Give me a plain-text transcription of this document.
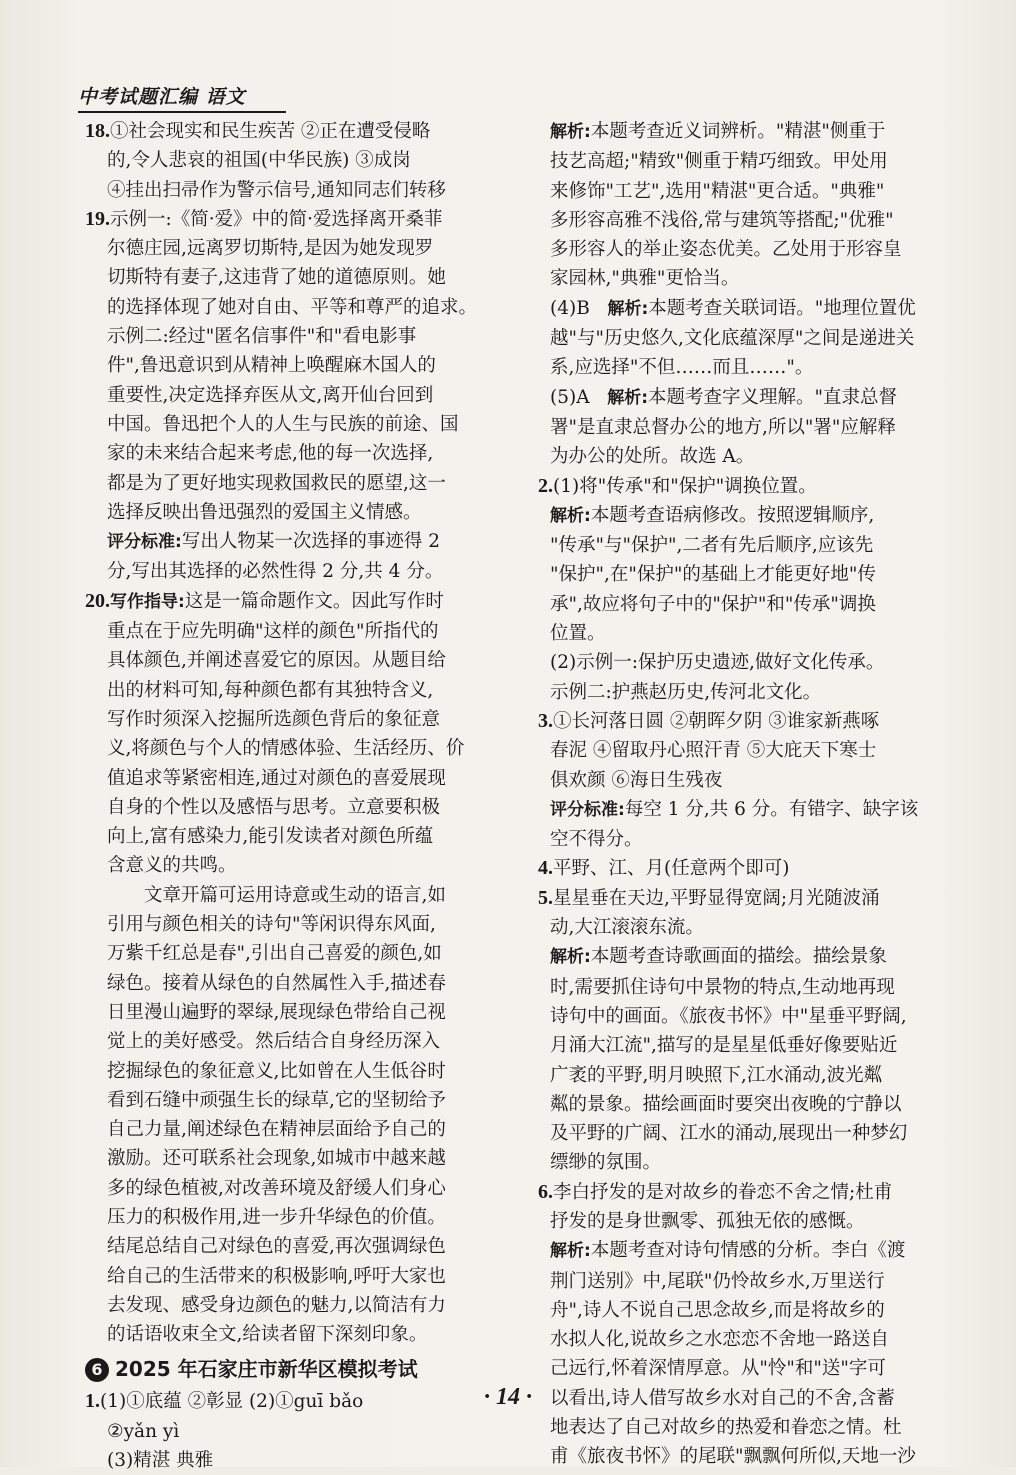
中考试题汇编 语文

18.①社会现实和民生疾苦 ②正在遭受侵略

的,令人悲哀的祖国(中华民族) ③成岗

④挂出扫帚作为警示信号,通知同志们转移

19.示例一:《简·爱》中的简·爱选择离开桑菲

尔德庄园,远离罗切斯特,是因为她发现罗

切斯特有妻子,这违背了她的道德原则。她

的选择体现了她对自由、平等和尊严的追求。

示例二:经过"匿名信事件"和"看电影事

件",鲁迅意识到从精神上唤醒麻木国人的

重要性,决定选择弃医从文,离开仙台回到

中国。鲁迅把个人的人生与民族的前途、国

家的未来结合起来考虑,他的每一次选择,

都是为了更好地实现救国救民的愿望,这一

选择反映出鲁迅强烈的爱国主义情感。

评分标准:写出人物某一次选择的事迹得 2

分,写出其选择的必然性得 2 分,共 4 分。

20.写作指导:这是一篇命题作文。因此写作时

重点在于应先明确"这样的颜色"所指代的

具体颜色,并阐述喜爱它的原因。从题目给

出的材料可知,每种颜色都有其独特含义,

写作时须深入挖掘所选颜色背后的象征意

义,将颜色与个人的情感体验、生活经历、价

值追求等紧密相连,通过对颜色的喜爱展现

自身的个性以及感悟与思考。立意要积极

向上,富有感染力,能引发读者对颜色所蕴

含意义的共鸣。

文章开篇可运用诗意或生动的语言,如

引用与颜色相关的诗句"等闲识得东风面,

万紫千红总是春",引出自己喜爱的颜色,如

绿色。接着从绿色的自然属性入手,描述春

日里漫山遍野的翠绿,展现绿色带给自己视

觉上的美好感受。然后结合自身经历深入

挖掘绿色的象征意义,比如曾在人生低谷时

看到石缝中顽强生长的绿草,它的坚韧给予

自己力量,阐述绿色在精神层面给予自己的

激励。还可联系社会现象,如城市中越来越

多的绿色植被,对改善环境及舒缓人们身心

压力的积极作用,进一步升华绿色的价值。

结尾总结自己对绿色的喜爱,再次强调绿色

给自己的生活带来的积极影响,呼吁大家也

去发现、感受身边颜色的魅力,以简洁有力

的话语收束全文,给读者留下深刻印象。

6 2025 年石家庄市新华区模拟考试

1.(1)①底蕴 ②彰显 (2)①guī bǎo

②yǎn yì

(3)精湛 典雅

解析:本题考查近义词辨析。"精湛"侧重于

技艺高超;"精致"侧重于精巧细致。甲处用

来修饰"工艺",选用"精湛"更合适。"典雅"

多形容高雅不浅俗,常与建筑等搭配;"优雅"

多形容人的举止姿态优美。乙处用于形容皇

家园林,"典雅"更恰当。

(4)B 解析:本题考查关联词语。"地理位置优

越"与"历史悠久,文化底蕴深厚"之间是递进关

系,应选择"不但……而且……"。

(5)A 解析:本题考查字义理解。"直隶总督

署"是直隶总督办公的地方,所以"署"应解释

为办公的处所。故选 A。

2.(1)将"传承"和"保护"调换位置。

解析:本题考查语病修改。按照逻辑顺序,

"传承"与"保护",二者有先后顺序,应该先

"保护",在"保护"的基础上才能更好地"传

承",故应将句子中的"保护"和"传承"调换

位置。

(2)示例一:保护历史遗迹,做好文化传承。

示例二:护燕赵历史,传河北文化。

3.①长河落日圆 ②朝晖夕阴 ③谁家新燕啄

春泥 ④留取丹心照汗青 ⑤大庇天下寒士

俱欢颜 ⑥海日生残夜

评分标准:每空 1 分,共 6 分。有错字、缺字该

空不得分。

4.平野、江、月(任意两个即可)

5.星星垂在天边,平野显得宽阔;月光随波涌

动,大江滚滚东流。

解析:本题考查诗歌画面的描绘。描绘景象

时,需要抓住诗句中景物的特点,生动地再现

诗句中的画面。《旅夜书怀》中"星垂平野阔,

月涌大江流",描写的是星星低垂好像要贴近

广袤的平野,明月映照下,江水涌动,波光粼

粼的景象。描绘画面时要突出夜晚的宁静以

及平野的广阔、江水的涌动,展现出一种梦幻

缥缈的氛围。

6.李白抒发的是对故乡的眷恋不舍之情;杜甫

抒发的是身世飘零、孤独无依的感慨。

解析:本题考查对诗句情感的分析。李白《渡

荆门送别》中,尾联"仍怜故乡水,万里送行

舟",诗人不说自己思念故乡,而是将故乡的

水拟人化,说故乡之水恋恋不舍地一路送自

己远行,怀着深情厚意。从"怜"和"送"字可

以看出,诗人借写故乡水对自己的不舍,含蓄

地表达了自己对故乡的热爱和眷恋之情。杜

甫《旅夜书怀》的尾联"飘飘何所似,天地一沙

· 14 ·
